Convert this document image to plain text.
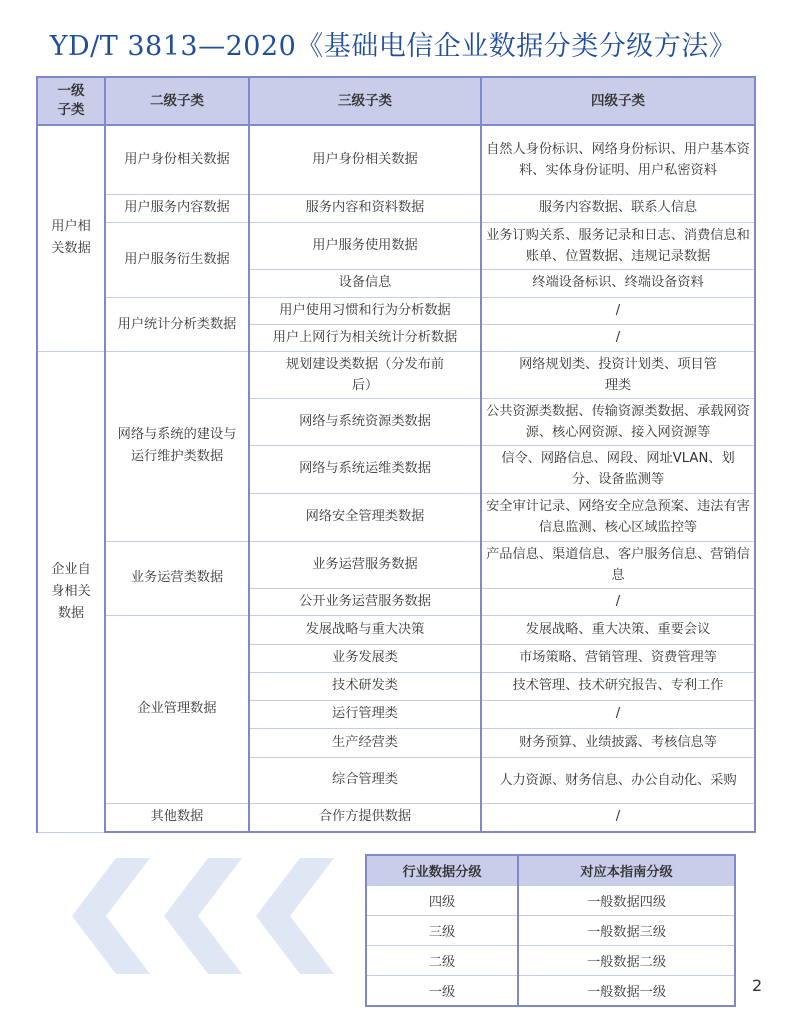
YD/T 3813—2020《基础电信企业数据分类分级方法》
一级子类	二级子类	三级子类	四级子类
用户相关数据	用户身份相关数据	用户身份相关数据	自然人身份标识、网络身份标识、用户基本资料、实体身份证明、用户私密资料
	用户服务内容数据	服务内容和资料数据	服务内容数据、联系人信息
	用户服务衍生数据	用户服务使用数据	业务订购关系、服务记录和日志、消费信息和账单、位置数据、违规记录数据
		设备信息	终端设备标识、终端设备资料
	用户统计分析类数据	用户使用习惯和行为分析数据	/
		用户上网行为相关统计分析数据	/
企业自身相关数据	网络与系统的建设与运行维护类数据	规划建设类数据（分发布前后）	网络规划类、投资计划类、项目管理类
		网络与系统资源类数据	公共资源类数据、传输资源类数据、承载网资源、核心网资源、接入网资源等
		网络与系统运维类数据	信令、网路信息、网段、网址VLAN、划分、设备监测等
		网络安全管理类数据	安全审计记录、网络安全应急预案、违法有害信息监测、核心区域监控等
	业务运营类数据	业务运营服务数据	产品信息、渠道信息、客户服务信息、营销信息
		公开业务运营服务数据	/
	企业管理数据	发展战略与重大决策	发展战略、重大决策、重要会议
		业务发展类	市场策略、营销管理、资费管理等
		技术研发类	技术管理、技术研究报告、专利工作
		运行管理类	/
		生产经营类	财务预算、业绩披露、考核信息等
		综合管理类	人力资源、财务信息、办公自动化、采购
	其他数据	合作方提供数据	/
行业数据分级	对应本指南分级
四级	一般数据四级
三级	一般数据三级
二级	一般数据二级
一级	一般数据一级	2
